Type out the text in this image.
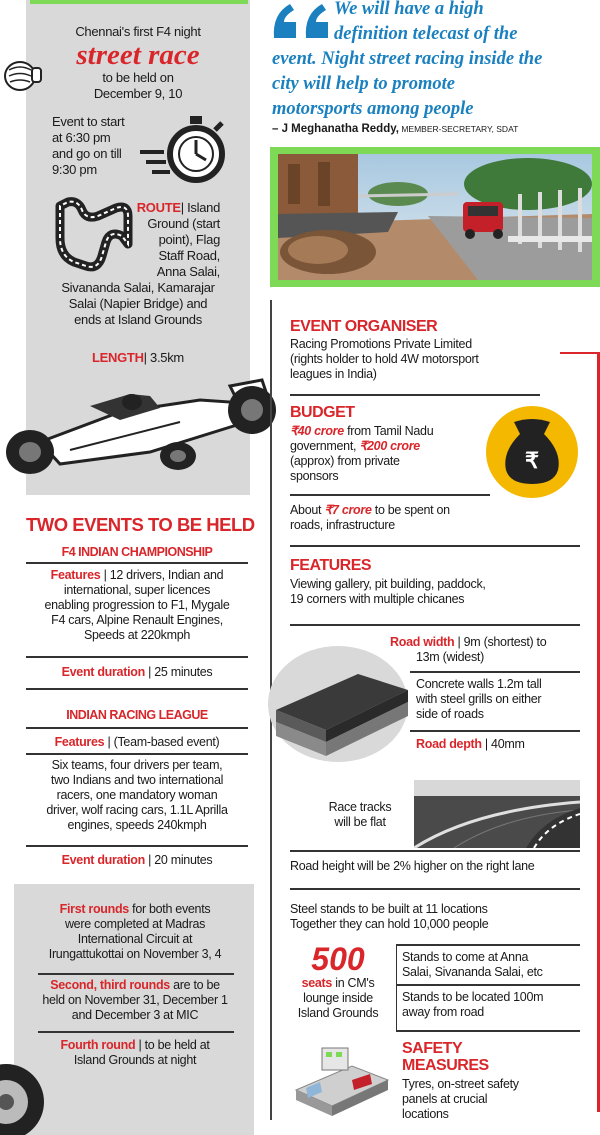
Chennai's first F4 night
street race
to be held on
December 9, 10
Event to start
at 6:30 pm
and go on till
9:30 pm
ROUTE| Island
Ground (start
point), Flag
Staff Road,
Anna Salai,
Sivananda Salai, Kamarajar
Salai (Napier Bridge) and
ends at Island Grounds
LENGTH| 3.5km
TWO EVENTS TO BE HELD
F4 INDIAN CHAMPIONSHIP
Features | 12 drivers, Indian and
international, super licences
enabling progression to F1, Mygale
F4 cars, Alpine Renault Engines,
Speeds at 220kmph
Event duration | 25 minutes
INDIAN RACING LEAGUE
Features | (Team-based event)
Six teams, four drivers per team,
two Indians and two international
racers, one mandatory woman
driver, wolf racing cars, 1.1L Aprilla
engines, speeds 240kmph
Event duration | 20 minutes
First rounds for both events
were completed at Madras
International Circuit at
Irungattukottai on November 3, 4
Second, third rounds are to be
held on November 31, December 1
and December 3 at MIC
Fourth round | to be held at
Island Grounds at night
We will have a high
definition telecast of the
event. Night street racing inside the
city will help to promote
motorsports among people
– J Meghanatha Reddy, MEMBER-SECRETARY, SDAT
EVENT ORGANISER
Racing Promotions Private Limited
(rights holder to hold 4W motorsport
leagues in India)
BUDGET
₹40 crore from Tamil Nadu
government, ₹200 crore
(approx) from private
sponsors
About ₹7 crore to be spent on
roads, infrastructure
₹
FEATURES
Viewing gallery, pit building, paddock,
19 corners with multiple chicanes
Road width | 9m (shortest) to
13m (widest)
Concrete walls 1.2m tall
with steel grills on either
side of roads
Road depth | 40mm
Race tracks
will be flat
Road height will be 2% higher on the right lane
Steel stands to be built at 11 locations
Together they can hold 10,000 people
500
seats in CM's
lounge inside
Island Grounds
Stands to come at Anna
Salai, Sivananda Salai, etc
Stands to be located 100m
away from road
SAFETY
MEASURES
Tyres, on-street safety
panels at crucial
locations
